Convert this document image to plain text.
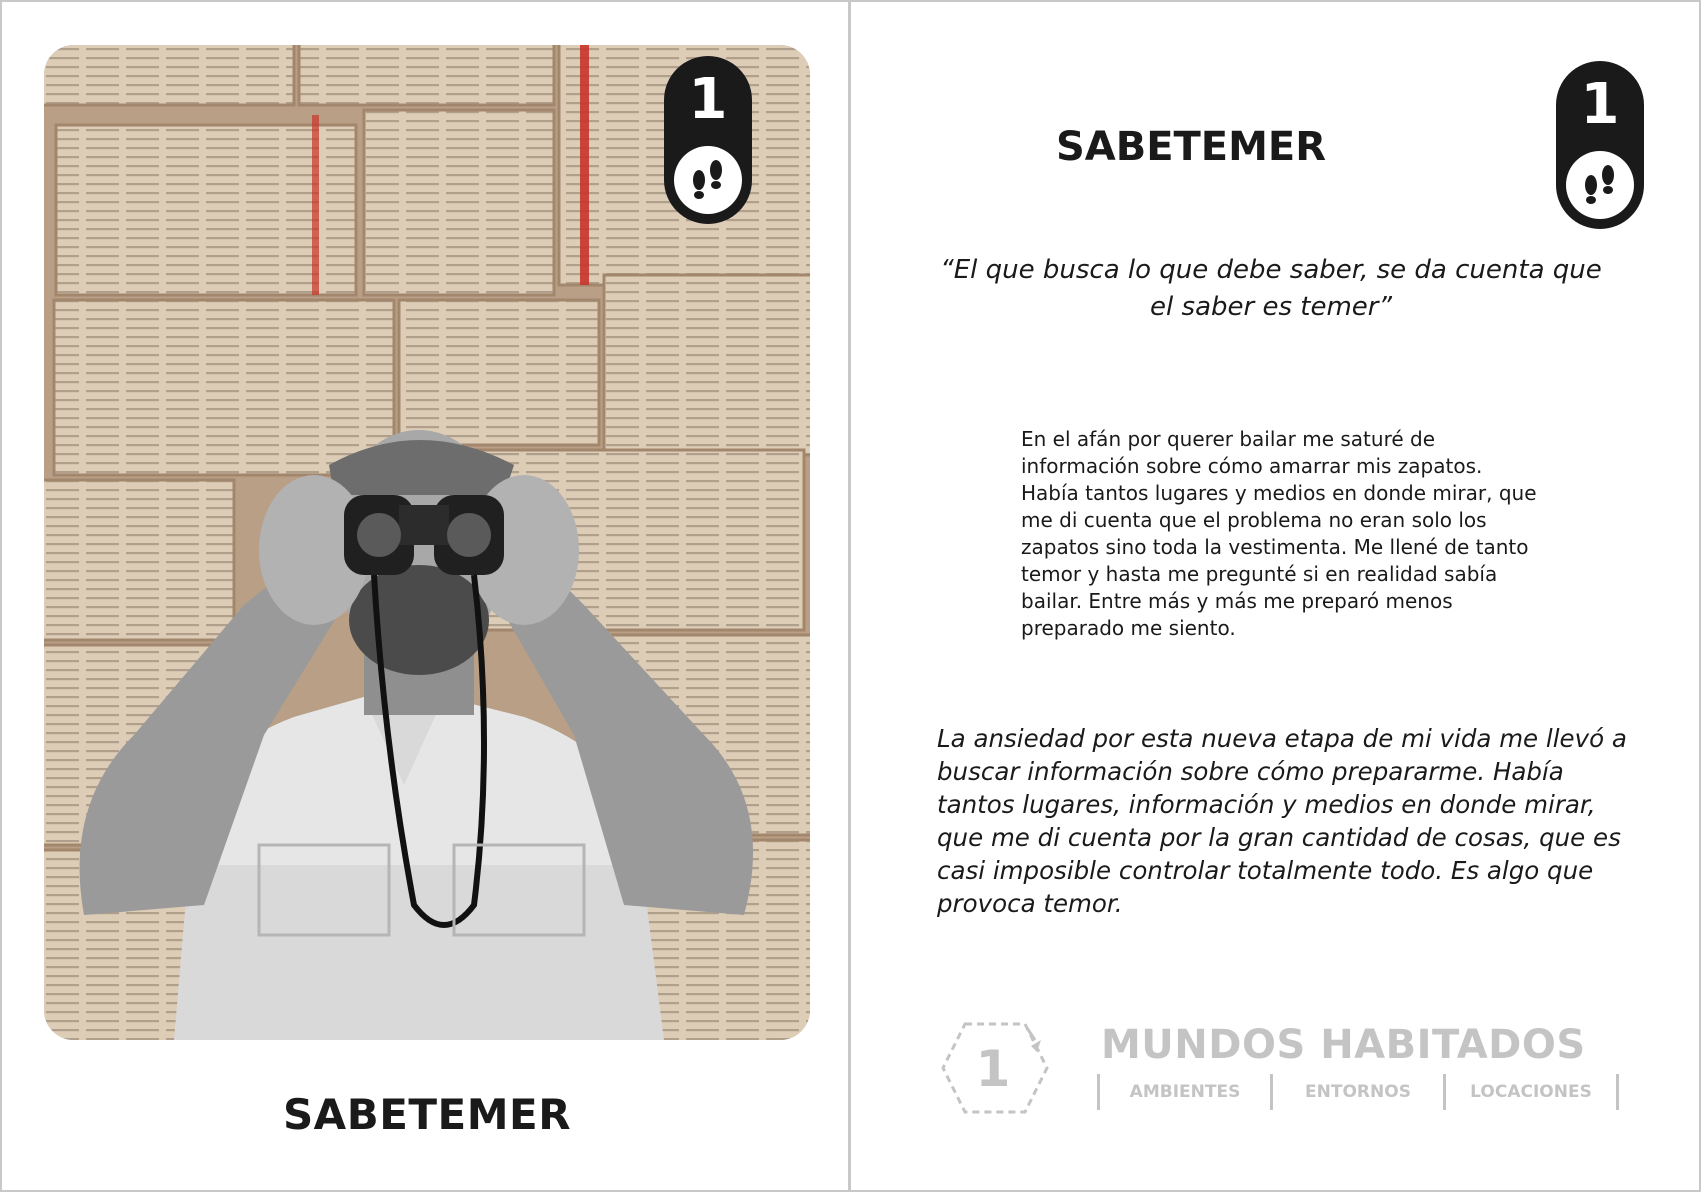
1
SABETEMER
SABETEMER
1
“El que busca lo que debe saber, se da cuenta que el saber es temer”
En el afán por querer bailar me saturé de información sobre cómo amarrar mis zapatos. Había tantos lugares y medios en donde mirar, que me di cuenta que el problema no eran solo los zapatos sino toda la vestimenta. Me llené de tanto temor y hasta me pregunté si en realidad sabía bailar. Entre más y más me preparó menos preparado me siento.
La ansiedad por esta nueva etapa de mi vida me llevó a buscar información sobre cómo prepararme. Había tantos lugares, información y medios en donde mirar, que me di cuenta por la gran cantidad de cosas, que es casi imposible controlar totalmente todo. Es algo que provoca temor.
1 MUNDOS HABITADOS
AMBIENTES	ENTORNOS	LOCACIONES
